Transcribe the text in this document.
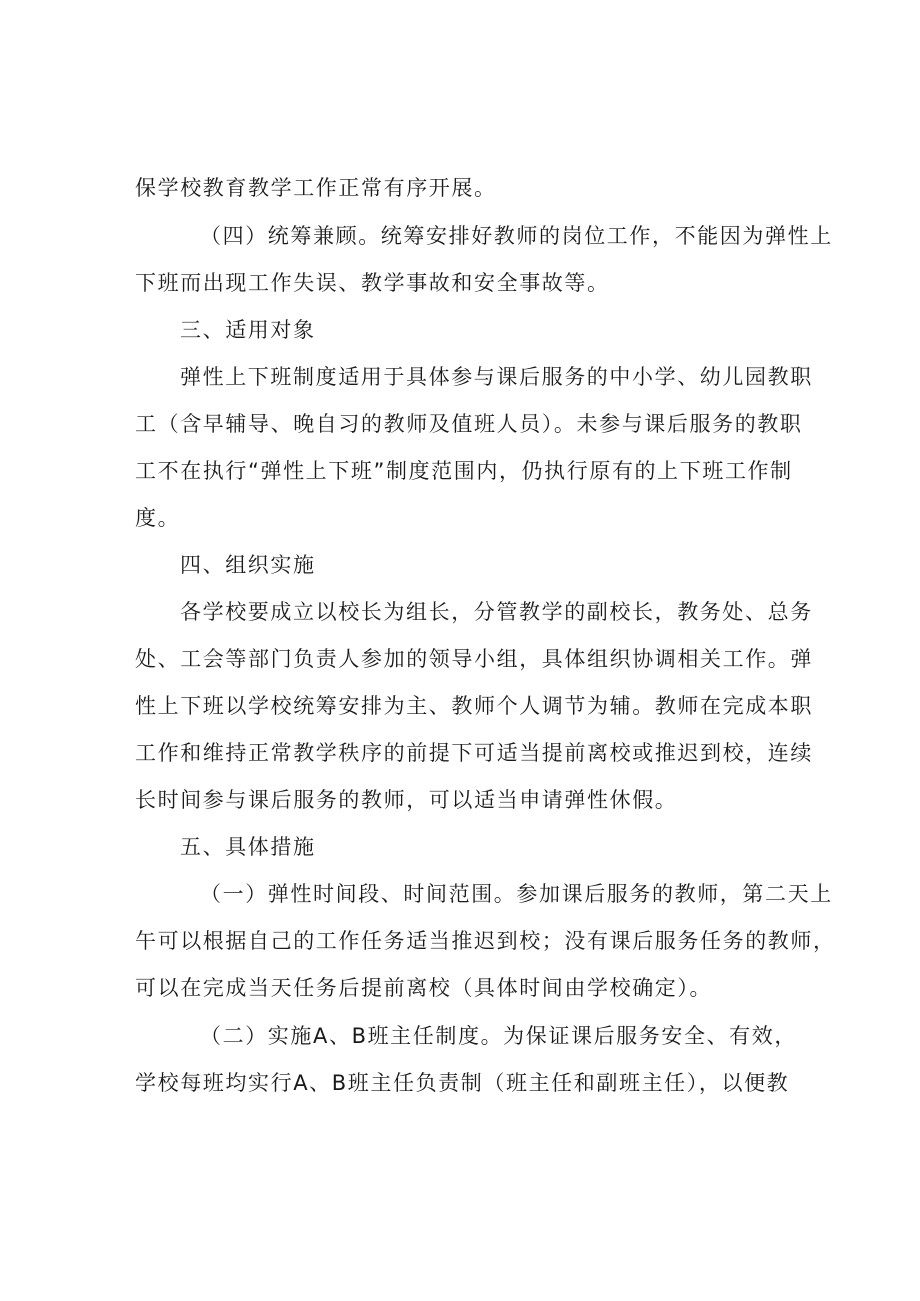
保学校教育教学工作正常有序开展。
（四）统筹兼顾。统筹安排好教师的岗位工作，不能因为弹性上
下班而出现工作失误、教学事故和安全事故等。
三、适用对象
弹性上下班制度适用于具体参与课后服务的中小学、幼儿园教职
工（含早辅导、晚自习的教师及值班人员）。未参与课后服务的教职
工不在执行“弹性上下班”制度范围内，仍执行原有的上下班工作制
度。
四、组织实施
各学校要成立以校长为组长，分管教学的副校长，教务处、总务
处、工会等部门负责人参加的领导小组，具体组织协调相关工作。弹
性上下班以学校统筹安排为主、教师个人调节为辅。教师在完成本职
工作和维持正常教学秩序的前提下可适当提前离校或推迟到校，连续
长时间参与课后服务的教师，可以适当申请弹性休假。
五、具体措施
（一）弹性时间段、时间范围。参加课后服务的教师，第二天上
午可以根据自己的工作任务适当推迟到校；没有课后服务任务的教师，
可以在完成当天任务后提前离校（具体时间由学校确定）。
（二）实施A、B班主任制度。为保证课后服务安全、有效，
学校每班均实行A、B班主任负责制（班主任和副班主任），以便教
